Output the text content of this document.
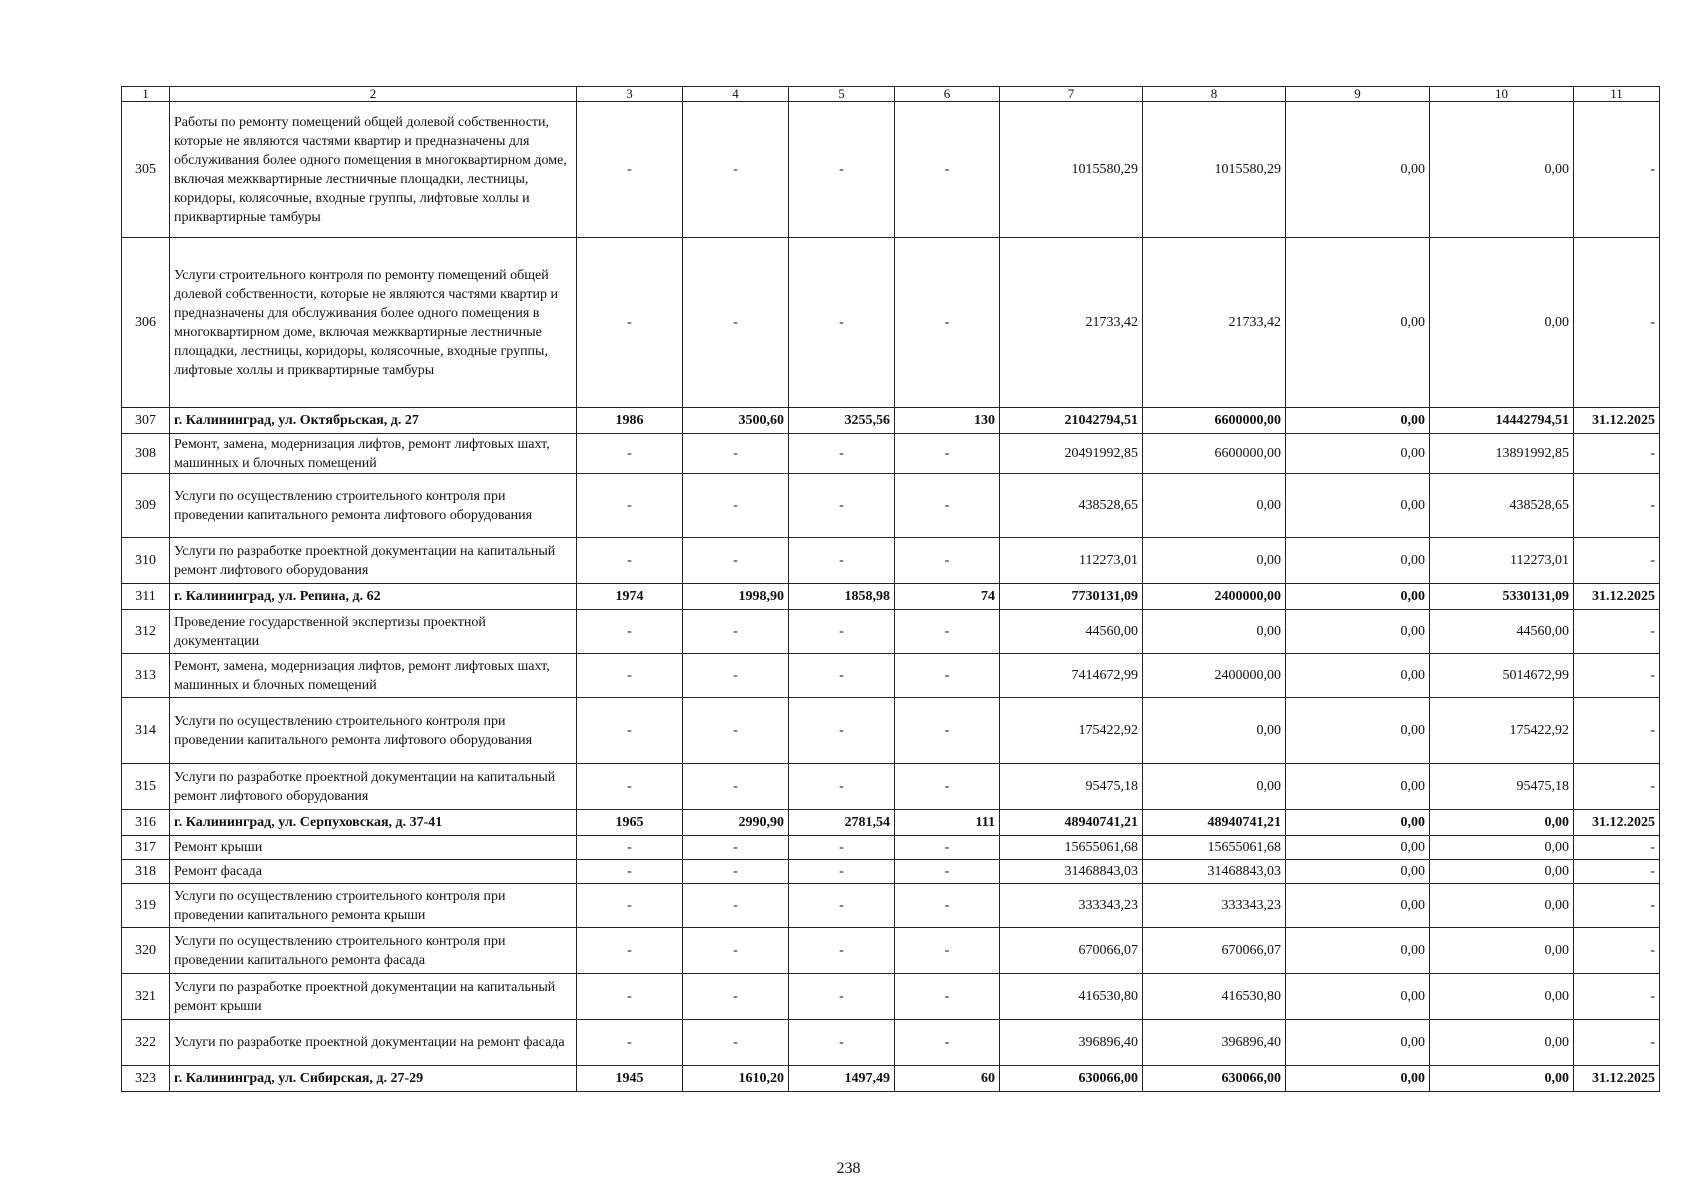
1	2	3	4	5	6	7	8	9	10	11
305	Работы по ремонту помещений общей долевой собственности, которые не являются частями квартир и предназначены для обслуживания более одного помещения в многоквартирном доме, включая межквартирные лестничные площадки, лестницы, коридоры, колясочные, входные группы, лифтовые холлы и приквартирные тамбуры	-	-	-	-	1015580,29	1015580,29	0,00	0,00	-
306	Услуги строительного контроля по ремонту помещений общей долевой собственности, которые не являются частями квартир и предназначены для обслуживания более одного помещения в многоквартирном доме, включая межквартирные лестничные площадки, лестницы, коридоры, колясочные, входные группы, лифтовые холлы и приквартирные тамбуры	-	-	-	-	21733,42	21733,42	0,00	0,00	-
307	г. Калининград, ул. Октябрьская, д. 27	1986	3500,60	3255,56	130	21042794,51	6600000,00	0,00	14442794,51	31.12.2025
308	Ремонт, замена, модернизация лифтов, ремонт лифтовых шахт, машинных и блочных помещений	-	-	-	-	20491992,85	6600000,00	0,00	13891992,85	-
309	Услуги по осуществлению строительного контроля при проведении капитального ремонта лифтового оборудования	-	-	-	-	438528,65	0,00	0,00	438528,65	-
310	Услуги по разработке проектной документации на капитальный ремонт лифтового оборудования	-	-	-	-	112273,01	0,00	0,00	112273,01	-
311	г. Калининград, ул. Репина, д. 62	1974	1998,90	1858,98	74	7730131,09	2400000,00	0,00	5330131,09	31.12.2025
312	Проведение государственной экспертизы проектной документации	-	-	-	-	44560,00	0,00	0,00	44560,00	-
313	Ремонт, замена, модернизация лифтов, ремонт лифтовых шахт, машинных и блочных помещений	-	-	-	-	7414672,99	2400000,00	0,00	5014672,99	-
314	Услуги по осуществлению строительного контроля при проведении капитального ремонта лифтового оборудования	-	-	-	-	175422,92	0,00	0,00	175422,92	-
315	Услуги по разработке проектной документации на капитальный ремонт лифтового оборудования	-	-	-	-	95475,18	0,00	0,00	95475,18	-
316	г. Калининград, ул. Серпуховская, д. 37-41	1965	2990,90	2781,54	111	48940741,21	48940741,21	0,00	0,00	31.12.2025
317	Ремонт крыши	-	-	-	-	15655061,68	15655061,68	0,00	0,00	-
318	Ремонт фасада	-	-	-	-	31468843,03	31468843,03	0,00	0,00	-
319	Услуги по осуществлению строительного контроля при проведении капитального ремонта крыши	-	-	-	-	333343,23	333343,23	0,00	0,00	-
320	Услуги по осуществлению строительного контроля при проведении капитального ремонта фасада	-	-	-	-	670066,07	670066,07	0,00	0,00	-
321	Услуги по разработке проектной документации на капитальный ремонт крыши	-	-	-	-	416530,80	416530,80	0,00	0,00	-
322	Услуги по разработке проектной документации на ремонт фасада	-	-	-	-	396896,40	396896,40	0,00	0,00	-
323	г. Калининград, ул. Сибирская, д. 27-29	1945	1610,20	1497,49	60	630066,00	630066,00	0,00	0,00	31.12.2025
238
